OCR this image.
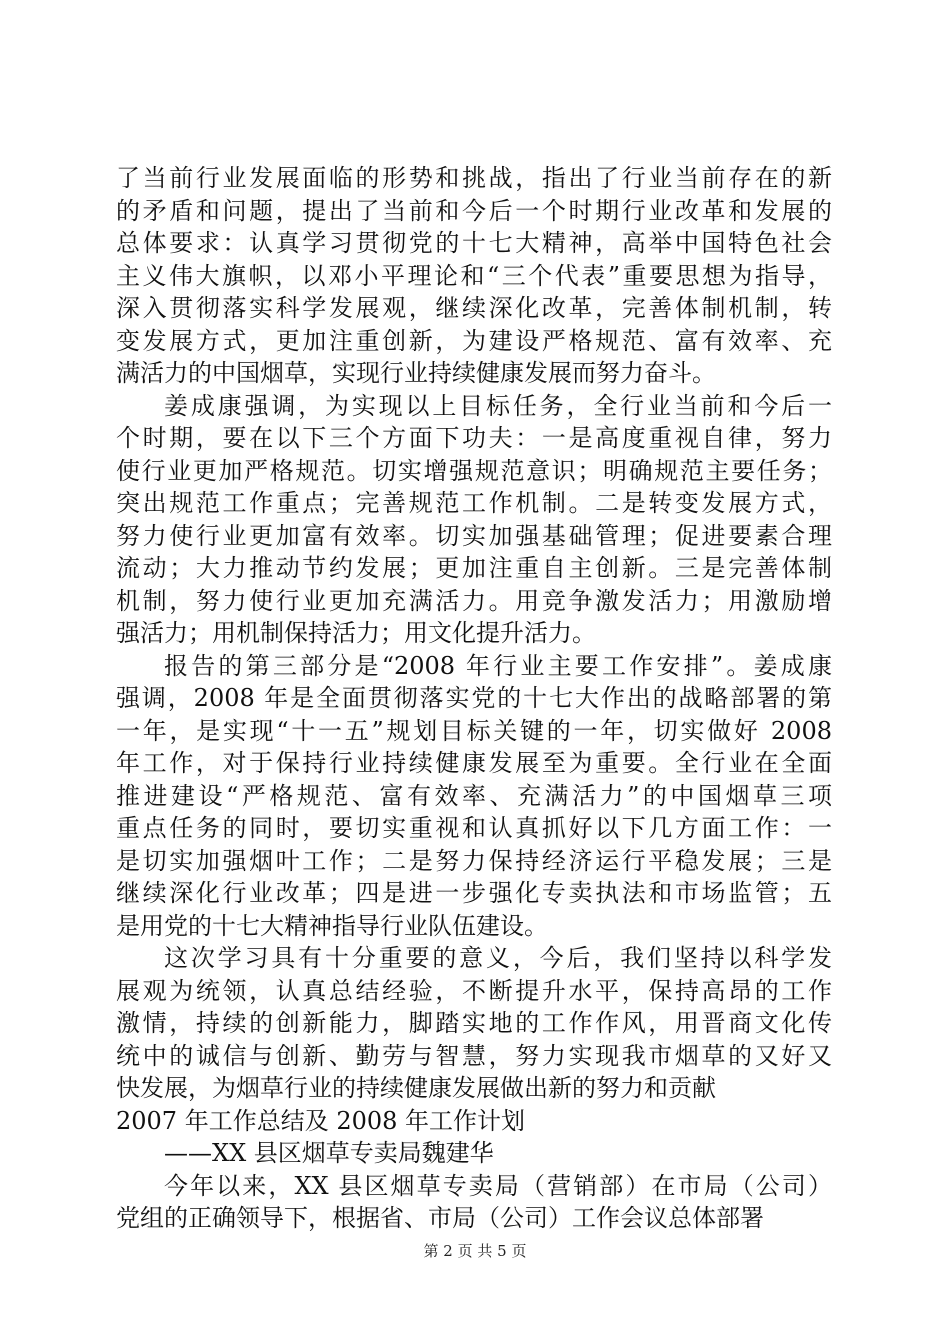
了当前行业发展面临的形势和挑战，指出了行业当前存在的新
的矛盾和问题，提出了当前和今后一个时期行业改革和发展的
总体要求：认真学习贯彻党的十七大精神，高举中国特色社会
主义伟大旗帜，以邓小平理论和“三个代表”重要思想为指导，
深入贯彻落实科学发展观，继续深化改革，完善体制机制，转
变发展方式，更加注重创新，为建设严格规范、富有效率、充
满活力的中国烟草，实现行业持续健康发展而努力奋斗。
姜成康强调，为实现以上目标任务，全行业当前和今后一
个时期，要在以下三个方面下功夫：一是高度重视自律，努力
使行业更加严格规范。切实增强规范意识；明确规范主要任务；
突出规范工作重点；完善规范工作机制。二是转变发展方式，
努力使行业更加富有效率。切实加强基础管理；促进要素合理
流动；大力推动节约发展；更加注重自主创新。三是完善体制
机制，努力使行业更加充满活力。用竞争激发活力；用激励增
强活力；用机制保持活力；用文化提升活力。
报告的第三部分是“2008 年行业主要工作安排”。姜成康
强调，2008 年是全面贯彻落实党的十七大作出的战略部署的第
一年，是实现“十一五”规划目标关键的一年，切实做好 2008
年工作，对于保持行业持续健康发展至为重要。全行业在全面
推进建设“严格规范、富有效率、充满活力”的中国烟草三项
重点任务的同时，要切实重视和认真抓好以下几方面工作：一
是切实加强烟叶工作；二是努力保持经济运行平稳发展；三是
继续深化行业改革；四是进一步强化专卖执法和市场监管；五
是用党的十七大精神指导行业队伍建设。
这次学习具有十分重要的意义，今后，我们坚持以科学发
展观为统领，认真总结经验，不断提升水平，保持高昂的工作
激情，持续的创新能力，脚踏实地的工作作风，用晋商文化传
统中的诚信与创新、勤劳与智慧，努力实现我市烟草的又好又
快发展，为烟草行业的持续健康发展做出新的努力和贡献
2007 年工作总结及 2008 年工作计划
——XX 县区烟草专卖局魏建华
今年以来，XX 县区烟草专卖局（营销部）在市局（公司）
党组的正确领导下，根据省、市局（公司）工作会议总体部署
第 2 页 共 5 页
